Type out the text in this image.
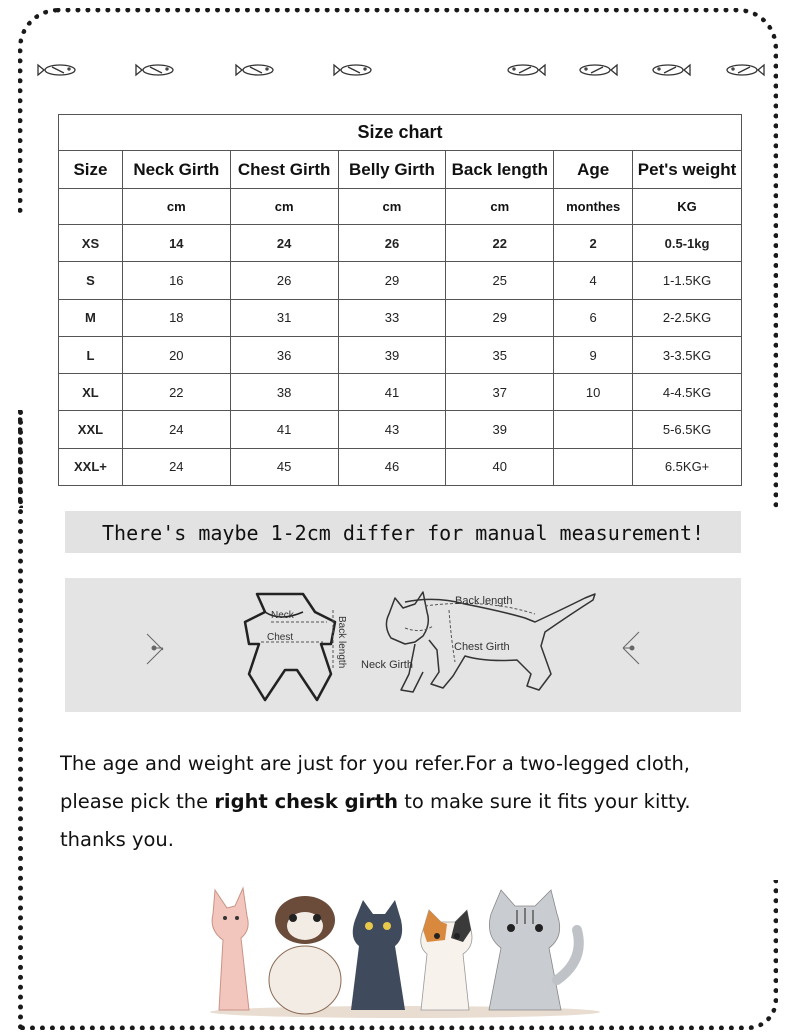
Size chart						
Size	Neck Girth	Chest Girth	Belly Girth	Back length	Age	Pet's weight
	cm	cm	cm	cm	monthes	KG
XS	14	24	26	22	2	0.5-1kg
S	16	26	29	25	4	1-1.5KG
M	18	31	33	29	6	2-2.5KG
L	20	36	39	35	9	3-3.5KG
XL	22	38	41	37	10	4-4.5KG
XXL	24	41	43	39		5-6.5KG
XXL+	24	45	46	40		6.5KG+
There's maybe 1-2cm differ for manual measurement!
Neck
Chest	Back length
Back length
Chest Girth
Neck Girth
The age and weight are just for you refer.For a two-legged cloth,
please pick the right chesk girth to make sure it fits your kitty.
thanks you.
